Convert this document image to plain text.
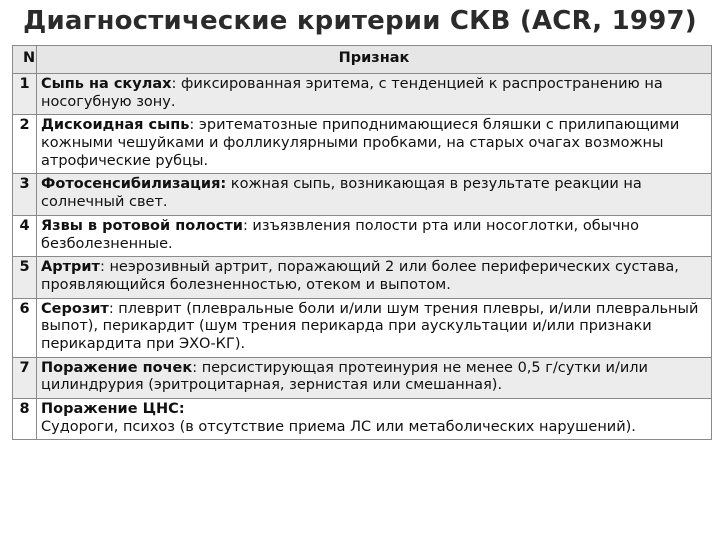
Диагностические критерии СКВ (ACR, 1997)
N	Признак
1	Сыпь на скулах: фиксированная эритема, с тенденцией к распространению на носогубную зону.
2	Дискоидная сыпь: эритематозные приподнимающиеся бляшки с прилипающими кожными чешуйками и фолликулярными пробками, на старых очагах возможны атрофические рубцы.
3	Фотосенсибилизация: кожная сыпь, возникающая в результате реакции на солнечный свет.
4	Язвы в ротовой полости: изъязвления полости рта или носоглотки, обычно безболезненные.
5	Артрит: неэрозивный артрит, поражающий 2 или более периферических сустава, проявляющийся болезненностью, отеком и выпотом.
6	Серозит: плеврит (плевральные боли и/или шум трения плевры, и/или плевральный выпот), перикардит (шум трения перикарда при аускультации и/или признаки перикардита при ЭХО-КГ).
7	Поражение почек: персистирующая протеинурия не менее 0,5 г/сутки и/или цилиндрурия (эритроцитарная, зернистая или смешанная).
8	Поражение ЦНС:
Судороги, психоз (в отсутствие приема ЛС или метаболических нарушений).
